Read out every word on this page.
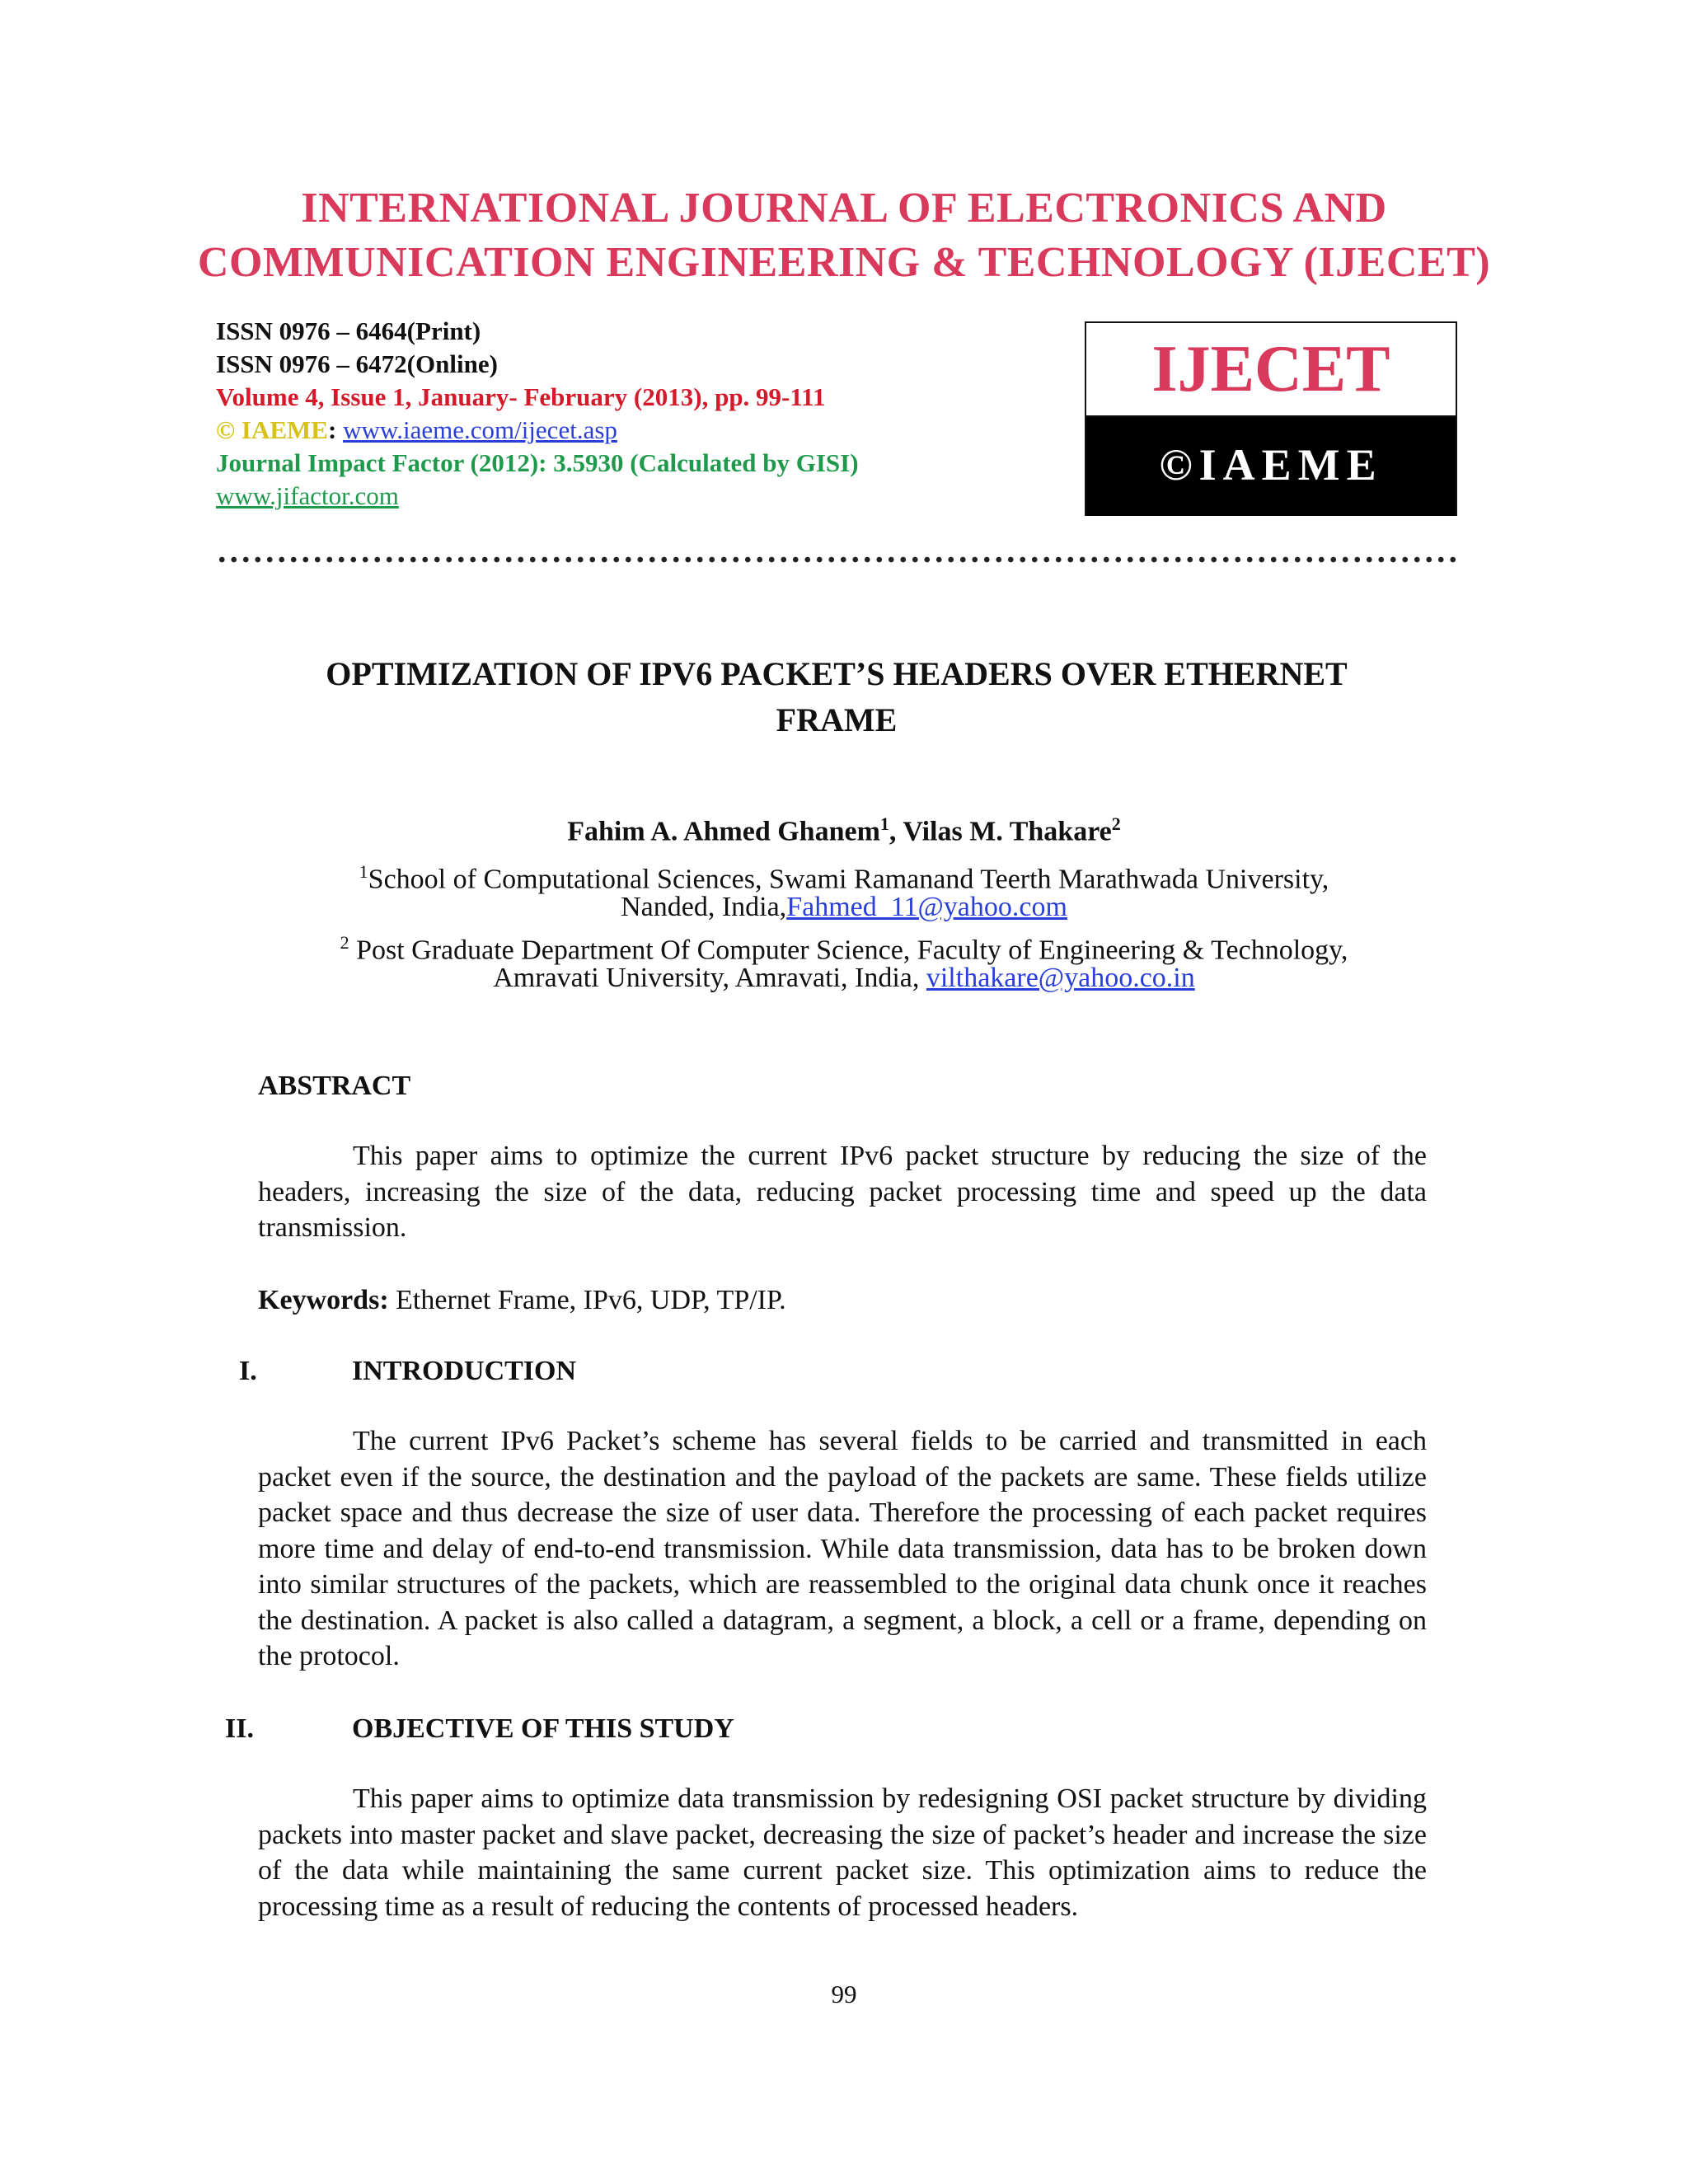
INTERNATIONAL JOURNAL OF ELECTRONICS AND
COMMUNICATION ENGINEERING & TECHNOLOGY (IJECET)
ISSN 0976 – 6464(Print)
ISSN 0976 – 6472(Online)
Volume 4, Issue 1, January- February (2013), pp. 99-111
© IAEME: www.iaeme.com/ijecet.asp
Journal Impact Factor (2012): 3.5930 (Calculated by GISI)
www.jifactor.com
IJECET
©IAEME
OPTIMIZATION OF IPV6 PACKET’S HEADERS OVER ETHERNET
FRAME
Fahim A. Ahmed Ghanem$^1$, Vilas M. Thakare$^2$
$^1$School of Computational Sciences, Swami Ramanand Teerth Marathwada University,
Nanded, India,Fahmed_11@yahoo.com
$^2$ Post Graduate Department Of Computer Science, Faculty of Engineering & Technology,
Amravati University, Amravati, India, vilthakare@yahoo.co.in
ABSTRACT
This paper aims to optimize the current IPv6 packet structure by reducing the size of the headers, increasing the size of the data, reducing packet processing time and speed up the data transmission.
Keywords: Ethernet Frame, IPv6, UDP, TP/IP.
I.	INTRODUCTION
The current IPv6 Packet’s scheme has several fields to be carried and transmitted in each packet even if the source, the destination and the payload of the packets are same. These fields utilize packet space and thus decrease the size of user data. Therefore the processing of each packet requires more time and delay of end-to-end transmission. While data transmission, data has to be broken down into similar structures of the packets, which are reassembled to the original data chunk once it reaches the destination. A packet is also called a datagram, a segment, a block, a cell or a frame, depending on the protocol.
II.	OBJECTIVE OF THIS STUDY
This paper aims to optimize data transmission by redesigning OSI packet structure by dividing packets into master packet and slave packet, decreasing the size of packet’s header and increase the size of the data while maintaining the same current packet size. This optimization aims to reduce the processing time as a result of reducing the contents of processed headers.
99
